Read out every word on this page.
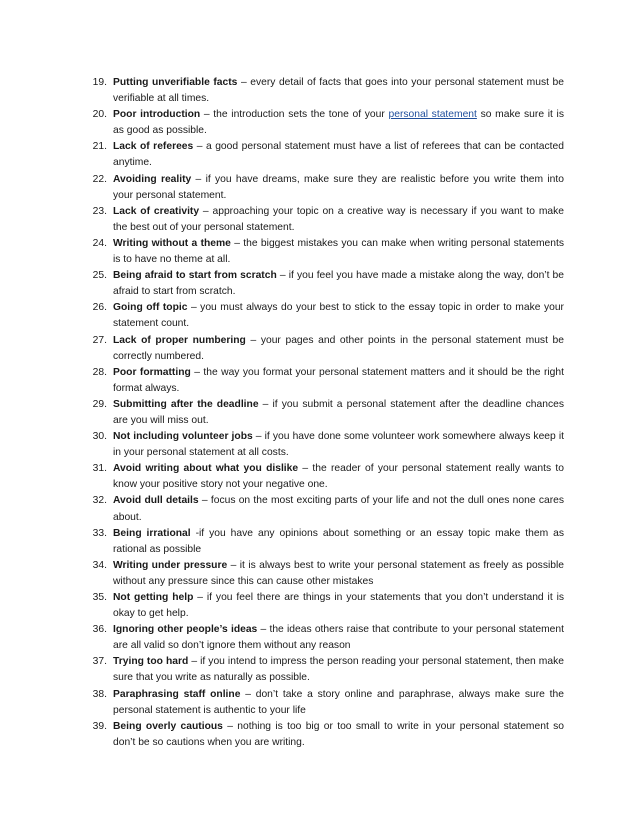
19. Putting unverifiable facts – every detail of facts that goes into your personal statement must be verifiable at all times.
20. Poor introduction – the introduction sets the tone of your personal statement so make sure it is as good as possible.
21. Lack of referees – a good personal statement must have a list of referees that can be contacted anytime.
22. Avoiding reality – if you have dreams, make sure they are realistic before you write them into your personal statement.
23. Lack of creativity – approaching your topic on a creative way is necessary if you want to make the best out of your personal statement.
24. Writing without a theme – the biggest mistakes you can make when writing personal statements is to have no theme at all.
25. Being afraid to start from scratch – if you feel you have made a mistake along the way, don’t be afraid to start from scratch.
26. Going off topic – you must always do your best to stick to the essay topic in order to make your statement count.
27. Lack of proper numbering – your pages and other points in the personal statement must be correctly numbered.
28. Poor formatting – the way you format your personal statement matters and it should be the right format always.
29. Submitting after the deadline – if you submit a personal statement after the deadline chances are you will miss out.
30. Not including volunteer jobs – if you have done some volunteer work somewhere always keep it in your personal statement at all costs.
31. Avoid writing about what you dislike – the reader of your personal statement really wants to know your positive story not your negative one.
32. Avoid dull details – focus on the most exciting parts of your life and not the dull ones none cares about.
33. Being irrational -if you have any opinions about something or an essay topic make them as rational as possible
34. Writing under pressure – it is always best to write your personal statement as freely as possible without any pressure since this can cause other mistakes
35. Not getting help – if you feel there are things in your statements that you don’t understand it is okay to get help.
36. Ignoring other people’s ideas – the ideas others raise that contribute to your personal statement are all valid so don’t ignore them without any reason
37. Trying too hard – if you intend to impress the person reading your personal statement, then make sure that you write as naturally as possible.
38. Paraphrasing staff online – don’t take a story online and paraphrase, always make sure the personal statement is authentic to your life
39. Being overly cautious – nothing is too big or too small to write in your personal statement so don’t be so cautions when you are writing.
